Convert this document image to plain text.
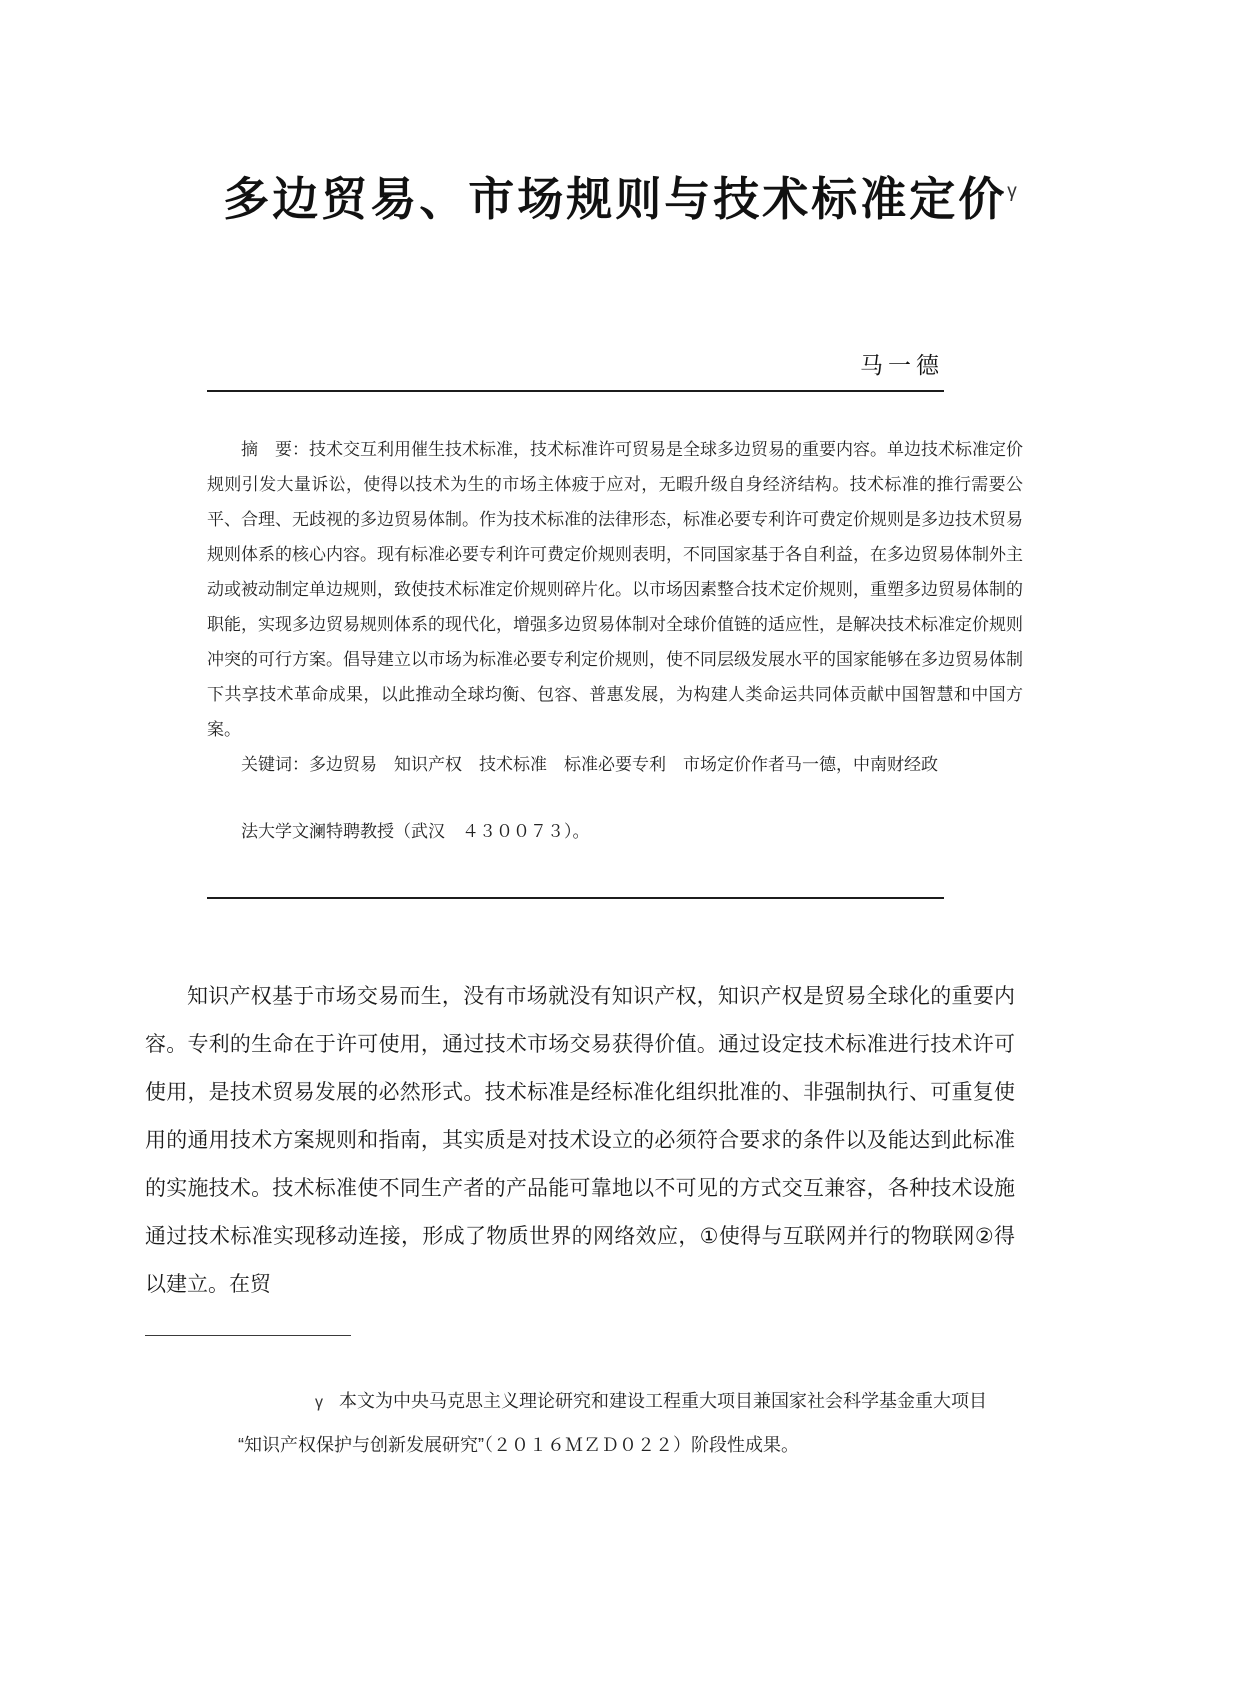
多边贸易、市场规则与技术标准定价$^\gamma$
马一德

摘　要：技术交互利用催生技术标准，技术标准许可贸易是全球多边贸易的重要内容。单边技术标准定价规则引发大量诉讼，使得以技术为生的市场主体疲于应对，无暇升级自身经济结构。技术标准的推行需要公平、合理、无歧视的多边贸易体制。作为技术标准的法律形态，标准必要专利许可费定价规则是多边技术贸易规则体系的核心内容。现有标准必要专利许可费定价规则表明，不同国家基于各自利益，在多边贸易体制外主动或被动制定单边规则，致使技术标准定价规则碎片化。以市场因素整合技术定价规则，重塑多边贸易体制的职能，实现多边贸易规则体系的现代化，增强多边贸易体制对全球价值链的适应性，是解决技术标准定价规则冲突的可行方案。倡导建立以市场为标准必要专利定价规则，使不同层级发展水平的国家能够在多边贸易体制下共享技术革命成果，以此推动全球均衡、包容、普惠发展，为构建人类命运共同体贡献中国智慧和中国方案。

关键词：多边贸易　知识产权　技术标准　标准必要专利　市场定价作者马一德，中南财经政

法大学文澜特聘教授（武汉　４３００７３）。

知识产权基于市场交易而生，没有市场就没有知识产权，知识产权是贸易全球化的重要内容。专利的生命在于许可使用，通过技术市场交易获得价值。通过设定技术标准进行技术许可使用，是技术贸易发展的必然形式。技术标准是经标准化组织批准的、非强制执行、可重复使用的通用技术方案规则和指南，其实质是对技术设立的必须符合要求的条件以及能达到此标准的实施技术。技术标准使不同生产者的产品能可靠地以不可见的方式交互兼容，各种技术设施通过技术标准实现移动连接，形成了物质世界的网络效应，①使得与互联网并行的物联网②得以建立。在贸

γ 本文为中央马克思主义理论研究和建设工程重大项目兼国家社会科学基金重大项目

“知识产权保护与创新发展研究”（２０１６ＭＺＤ０２２）阶段性成果。
